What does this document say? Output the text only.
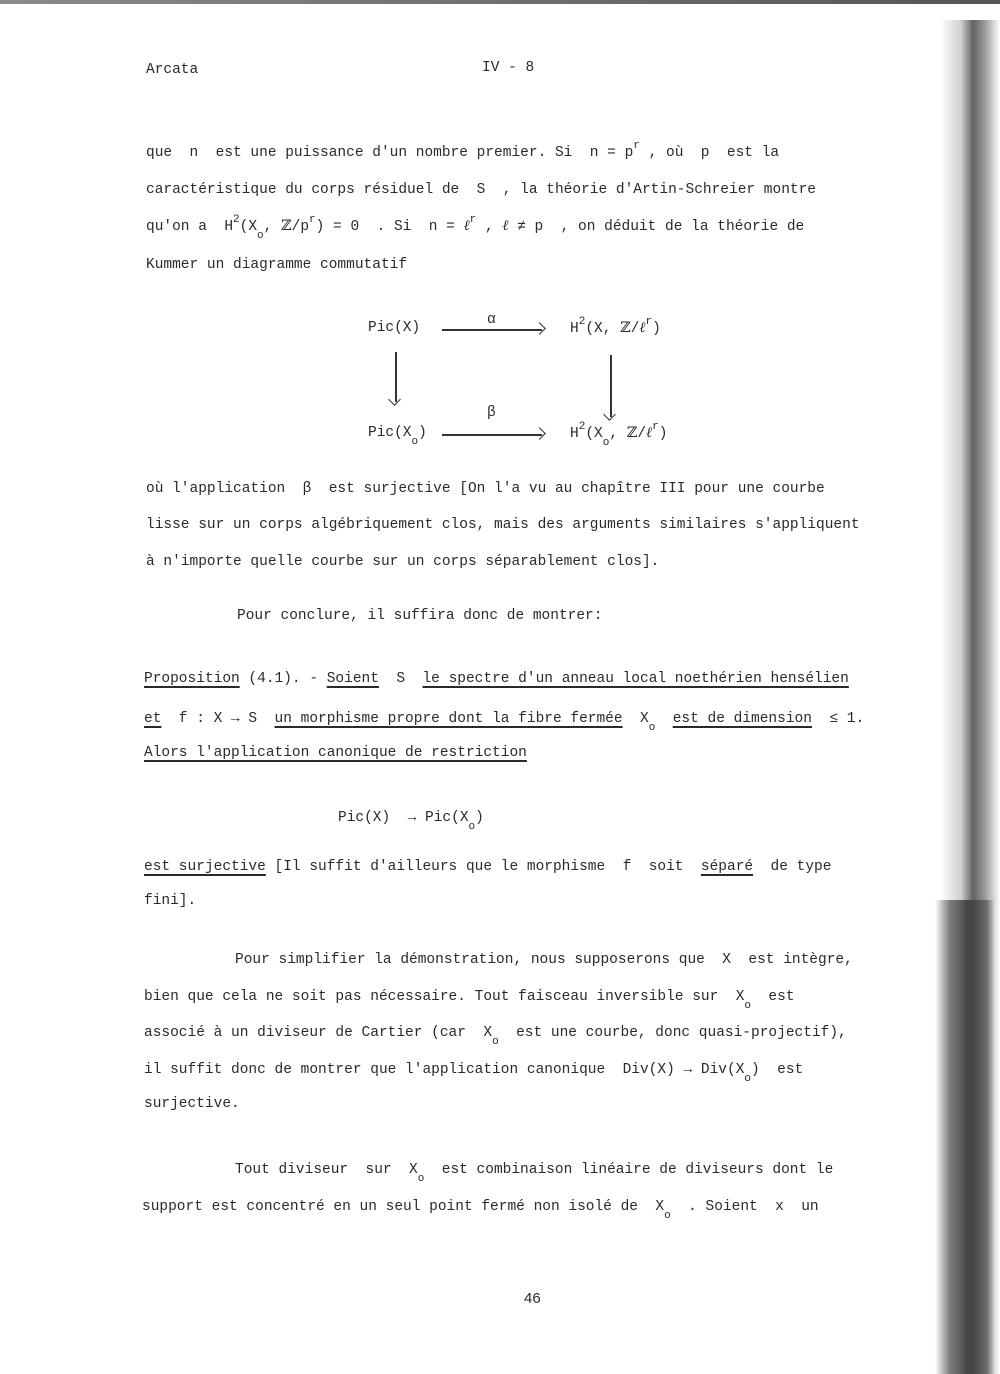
Arcata	IV - 8
que  n  est une puissance d'un nombre premier. Si  $n = p^r$ , où  p  est la
caractéristique du corps résiduel de  S  , la théorie d'Artin-Schreier montre
qu'on a  $H^2(X_o$, $ℤ/p^r) = 0$  . Si  n = ℓ$^r$ , ℓ ≠ p  , on déduit de la théorie de
Kummer un diagramme commutatif
Pic(X)	α
$H^2(X$, ℤ/ℓ$^r$)
$Pic(X_o)$
β
$H^2(X_o$, ℤ/ℓ$^r$)
où l'application  β  est surjective [On l'a vu au chapître III pour une courbe
lisse sur un corps algébriquement clos, mais des arguments similaires s'appliquent
à n'importe quelle courbe sur un corps séparablement clos].
Pour conclure, il suffira donc de montrer:
Proposition (4.1). - Soient  S  le spectre d'un anneau local noethérien hensélien
et  f : X → S  un morphisme propre dont la fibre fermée  $X_o$  est de dimension  ≤ 1.
Alors l'application canonique de restriction
$Pic(X) \to Pic(X_o)$
est surjective [Il suffit d'ailleurs que le morphisme  f  soit  séparé  de type
fini].
Pour simplifier la démonstration, nous supposerons que  X  est intègre,
bien que cela ne soit pas nécessaire. Tout faisceau inversible sur  $X_o$  est
associé à un diviseur de Cartier (car  $X_o$  est une courbe, donc quasi-projectif),
il suffit donc de montrer que l'application canonique  $Div(X) \to Div(X_o)$  est
surjective.
Tout diviseur  sur  $X_o$  est combinaison linéaire de diviseurs dont le
support est concentré en un seul point fermé non isolé de  $X_o$  . Soient  x  un
46
